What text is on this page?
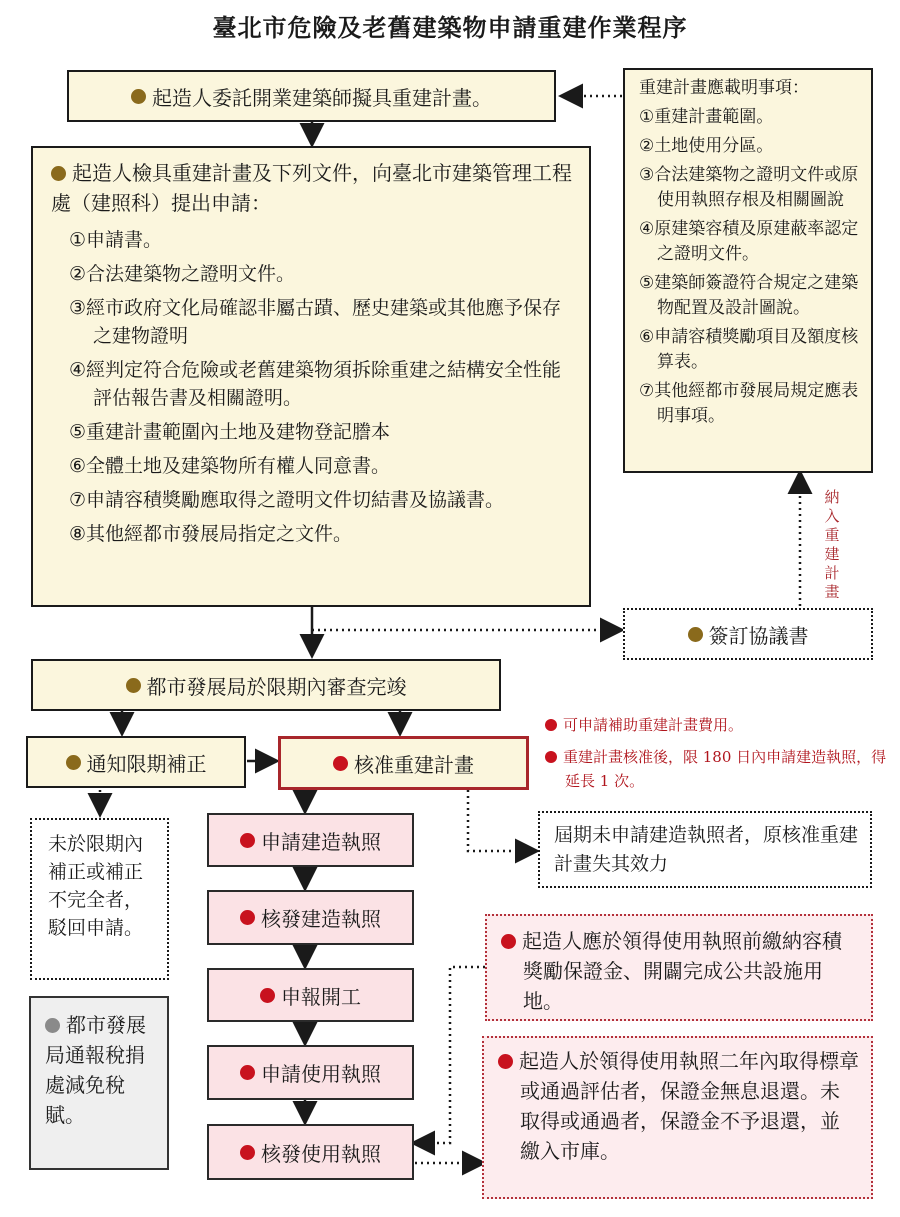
臺北市危險及老舊建築物申請重建作業程序
起造人委託開業建築師擬具重建計畫。
起造人檢具重建計畫及下列文件，向臺北市建築管理工程處（建照科）提出申請：
①申請書。
②合法建築物之證明文件。
③經市政府文化局確認非屬古蹟、歷史建築或其他應予保存之建物證明
④經判定符合危險或老舊建築物須拆除重建之結構安全性能評估報告書及相關證明。
⑤重建計畫範圍內土地及建物登記謄本
⑥全體土地及建築物所有權人同意書。
⑦申請容積獎勵應取得之證明文件切結書及協議書。
⑧其他經都市發展局指定之文件。
重建計畫應載明事項：
①重建計畫範圍。
②土地使用分區。
③合法建築物之證明文件或原使用執照存根及相關圖說
④原建築容積及原建蔽率認定之證明文件。
⑤建築師簽證符合規定之建築物配置及設計圖說。
⑥申請容積獎勵項目及額度核算表。
⑦其他經都市發展局規定應表明事項。
納入重建計畫
簽訂協議書
都市發展局於限期內審查完竣
通知限期補正	核准重建計畫
可申請補助重建計畫費用。
重建計畫核准後，限 180 日內申請建造執照，得延長 1 次。
屆期未申請建造執照者，原核准重建計畫失其效力
未於限期內補正或補正不完全者，駁回申請。
申請建造執照
核發建造執照
申報開工
申請使用執照
核發使用執照
都市發展局通報稅捐處減免稅賦。
起造人應於領得使用執照前繳納容積獎勵保證金、開闢完成公共設施用地。
起造人於領得使用執照二年內取得標章或通過評估者，保證金無息退還。未取得或通過者，保證金不予退還，並繳入市庫。
